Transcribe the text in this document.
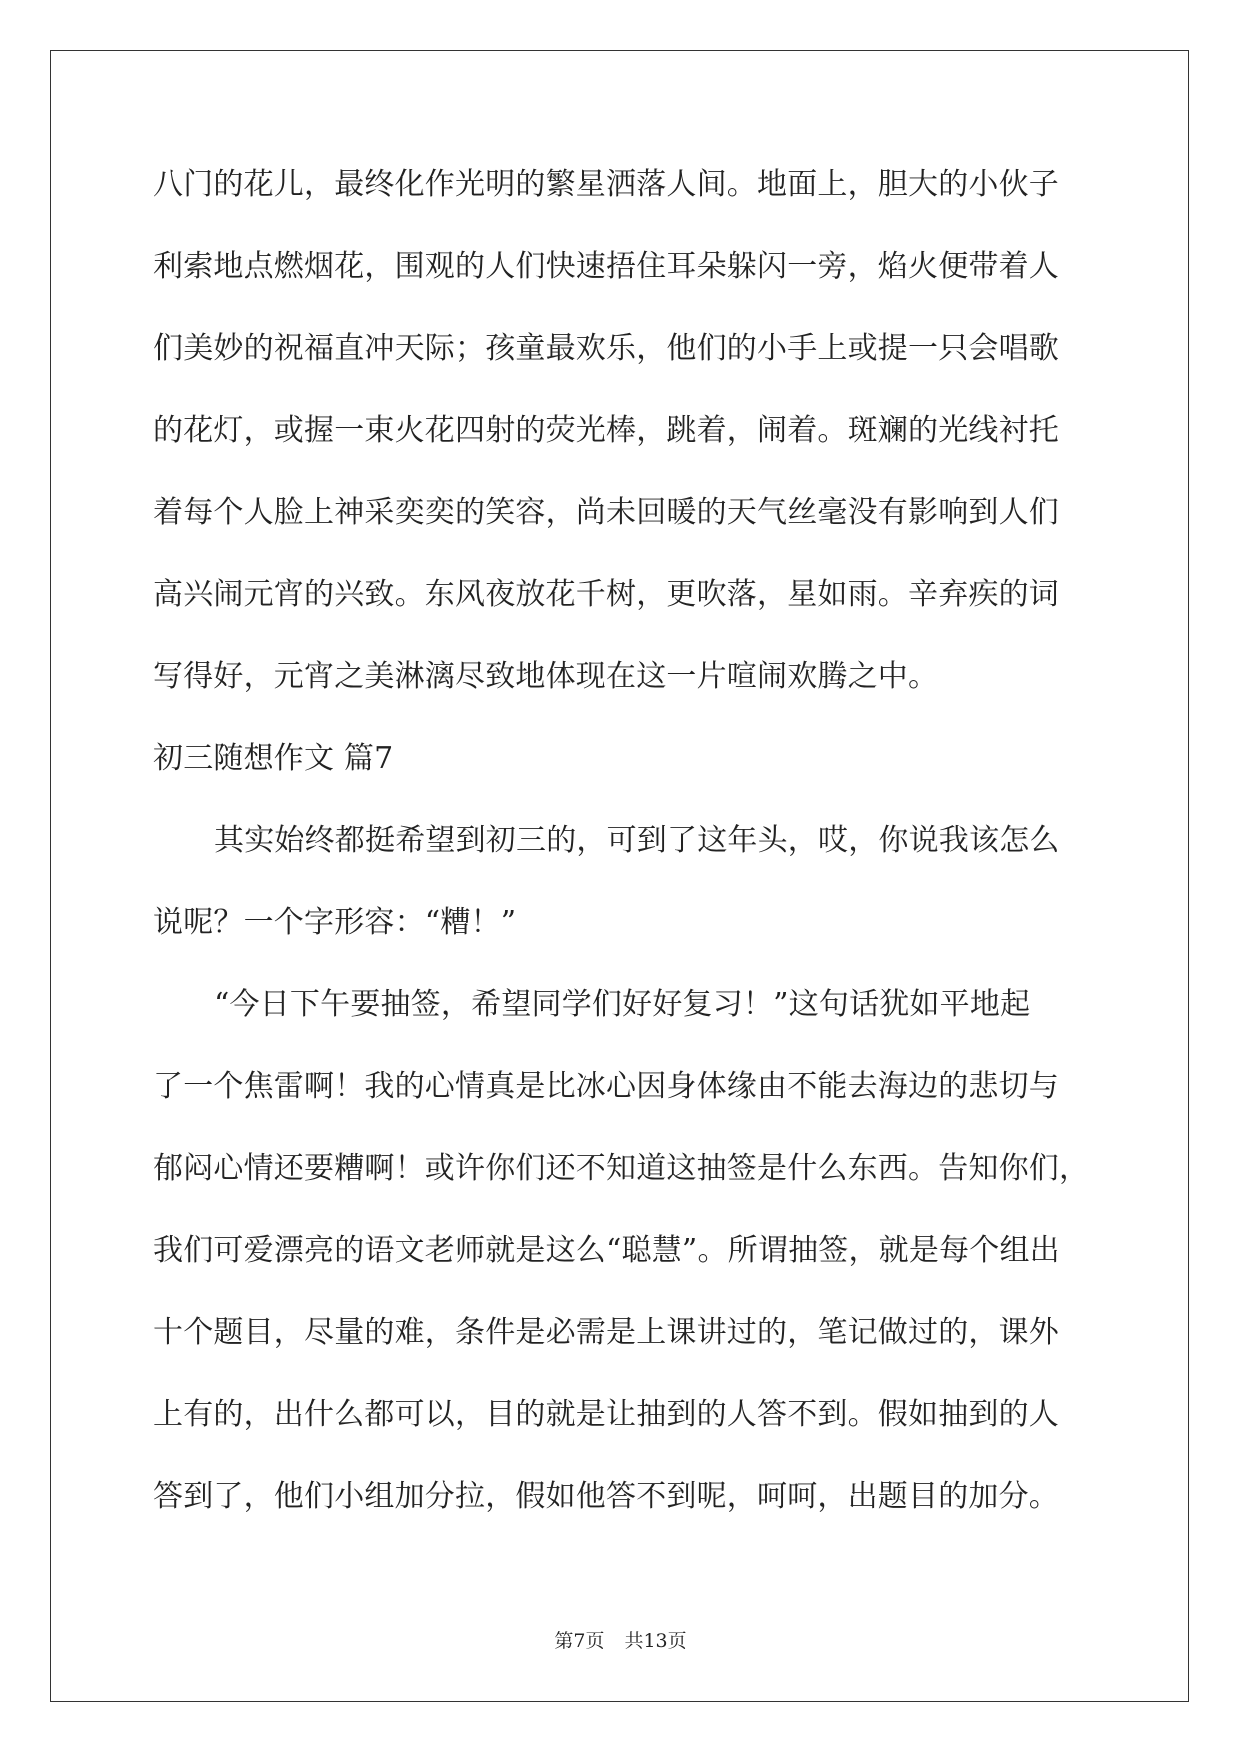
八门的花儿，最终化作光明的繁星洒落人间。地面上，胆大的小伙子
利索地点燃烟花，围观的人们快速捂住耳朵躲闪一旁，焰火便带着人
们美妙的祝福直冲天际；孩童最欢乐，他们的小手上或提一只会唱歌
的花灯，或握一束火花四射的荧光棒，跳着，闹着。斑斓的光线衬托
着每个人脸上神采奕奕的笑容，尚未回暖的天气丝毫没有影响到人们
高兴闹元宵的兴致。东风夜放花千树，更吹落，星如雨。辛弃疾的词
写得好，元宵之美淋漓尽致地体现在这一片喧闹欢腾之中。
初三随想作文 篇7
其实始终都挺希望到初三的，可到了这年头，哎，你说我该怎么
说呢？一个字形容：“糟！”
“今日下午要抽签，希望同学们好好复习！”这句话犹如平地起
了一个焦雷啊！我的心情真是比冰心因身体缘由不能去海边的悲切与
郁闷心情还要糟啊！或许你们还不知道这抽签是什么东西。告知你们，
我们可爱漂亮的语文老师就是这么“聪慧”。所谓抽签，就是每个组出
十个题目，尽量的难，条件是必需是上课讲过的，笔记做过的，课外
上有的，出什么都可以，目的就是让抽到的人答不到。假如抽到的人
答到了，他们小组加分拉，假如他答不到呢，呵呵，出题目的加分。
第7页 共13页
